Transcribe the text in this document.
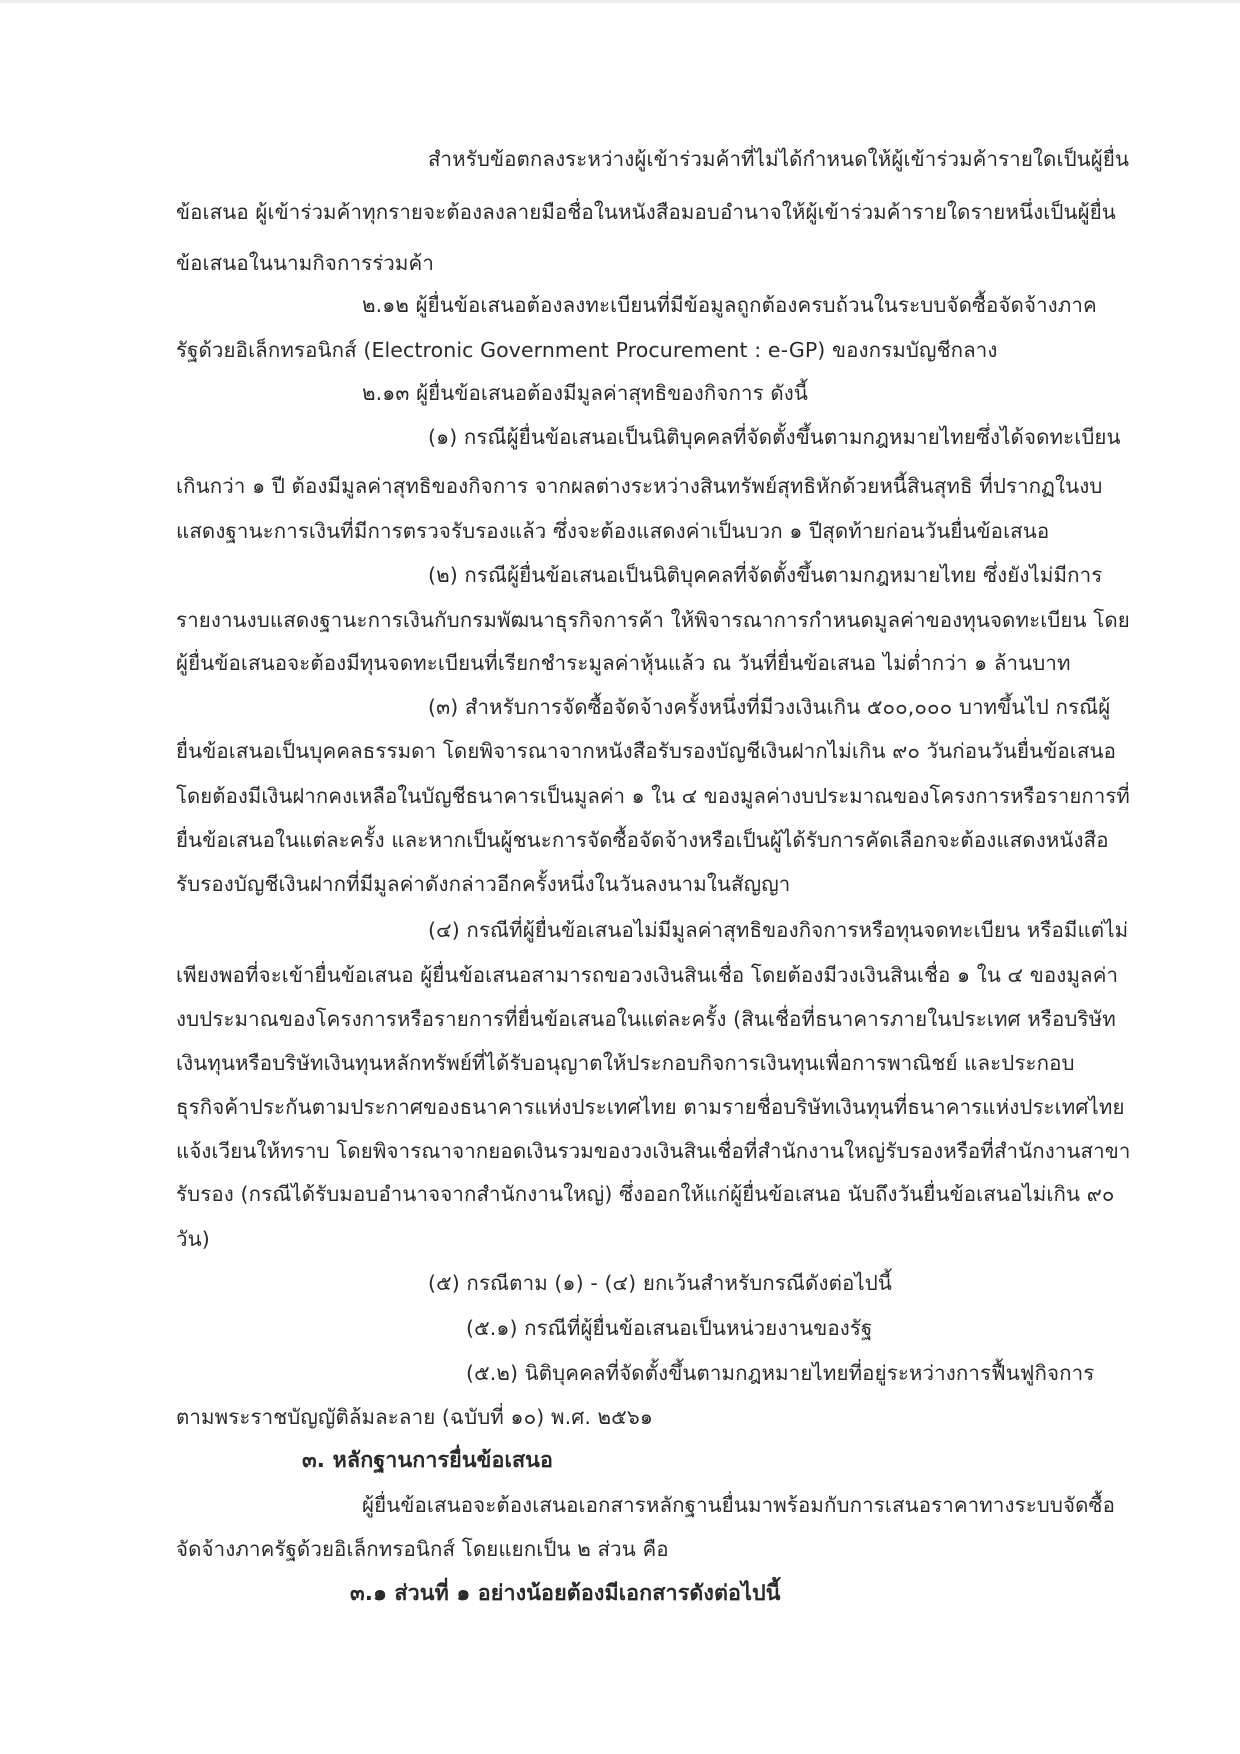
สำหรับข้อตกลงระหว่างผู้เข้าร่วมค้าที่ไม่ได้กำหนดให้ผู้เข้าร่วมค้ารายใดเป็นผู้ยื่น
ข้อเสนอ ผู้เข้าร่วมค้าทุกรายจะต้องลงลายมือชื่อในหนังสือมอบอำนาจให้ผู้เข้าร่วมค้ารายใดรายหนึ่งเป็นผู้ยื่น
ข้อเสนอในนามกิจการร่วมค้า
๒.๑๒ ผู้ยื่นข้อเสนอต้องลงทะเบียนที่มีข้อมูลถูกต้องครบถ้วนในระบบจัดซื้อจัดจ้างภาค
รัฐด้วยอิเล็กทรอนิกส์ (Electronic Government Procurement : e-GP) ของกรมบัญชีกลาง
๒.๑๓ ผู้ยื่นข้อเสนอต้องมีมูลค่าสุทธิของกิจการ ดังนี้
(๑) กรณีผู้ยื่นข้อเสนอเป็นนิติบุคคลที่จัดตั้งขึ้นตามกฎหมายไทยซึ่งได้จดทะเบียน
เกินกว่า ๑ ปี ต้องมีมูลค่าสุทธิของกิจการ จากผลต่างระหว่างสินทรัพย์สุทธิหักด้วยหนี้สินสุทธิ ที่ปรากฏในงบ
แสดงฐานะการเงินที่มีการตรวจรับรองแล้ว ซึ่งจะต้องแสดงค่าเป็นบวก ๑ ปีสุดท้ายก่อนวันยื่นข้อเสนอ
(๒) กรณีผู้ยื่นข้อเสนอเป็นนิติบุคคลที่จัดตั้งขึ้นตามกฎหมายไทย ซึ่งยังไม่มีการ
รายงานงบแสดงฐานะการเงินกับกรมพัฒนาธุรกิจการค้า ให้พิจารณาการกำหนดมูลค่าของทุนจดทะเบียน โดย
ผู้ยื่นข้อเสนอจะต้องมีทุนจดทะเบียนที่เรียกชำระมูลค่าหุ้นแล้ว ณ วันที่ยื่นข้อเสนอ ไม่ต่ำกว่า ๑ ล้านบาท
(๓) สำหรับการจัดซื้อจัดจ้างครั้งหนึ่งที่มีวงเงินเกิน ๕๐๐,๐๐๐ บาทขึ้นไป กรณีผู้
ยื่นข้อเสนอเป็นบุคคลธรรมดา โดยพิจารณาจากหนังสือรับรองบัญชีเงินฝากไม่เกิน ๙๐ วันก่อนวันยื่นข้อเสนอ
โดยต้องมีเงินฝากคงเหลือในบัญชีธนาคารเป็นมูลค่า ๑ ใน ๔ ของมูลค่างบประมาณของโครงการหรือรายการที่
ยื่นข้อเสนอในแต่ละครั้ง และหากเป็นผู้ชนะการจัดซื้อจัดจ้างหรือเป็นผู้ได้รับการคัดเลือกจะต้องแสดงหนังสือ
รับรองบัญชีเงินฝากที่มีมูลค่าดังกล่าวอีกครั้งหนึ่งในวันลงนามในสัญญา
(๔) กรณีที่ผู้ยื่นข้อเสนอไม่มีมูลค่าสุทธิของกิจการหรือทุนจดทะเบียน หรือมีแต่ไม่
เพียงพอที่จะเข้ายื่นข้อเสนอ ผู้ยื่นข้อเสนอสามารถขอวงเงินสินเชื่อ โดยต้องมีวงเงินสินเชื่อ ๑ ใน ๔ ของมูลค่า
งบประมาณของโครงการหรือรายการที่ยื่นข้อเสนอในแต่ละครั้ง (สินเชื่อที่ธนาคารภายในประเทศ หรือบริษัท
เงินทุนหรือบริษัทเงินทุนหลักทรัพย์ที่ได้รับอนุญาตให้ประกอบกิจการเงินทุนเพื่อการพาณิชย์ และประกอบ
ธุรกิจค้าประกันตามประกาศของธนาคารแห่งประเทศไทย ตามรายชื่อบริษัทเงินทุนที่ธนาคารแห่งประเทศไทย
แจ้งเวียนให้ทราบ โดยพิจารณาจากยอดเงินรวมของวงเงินสินเชื่อที่สำนักงานใหญ่รับรองหรือที่สำนักงานสาขา
รับรอง (กรณีได้รับมอบอำนาจจากสำนักงานใหญ่) ซึ่งออกให้แก่ผู้ยื่นข้อเสนอ นับถึงวันยื่นข้อเสนอไม่เกิน ๙๐
วัน)
(๕) กรณีตาม (๑) - (๔) ยกเว้นสำหรับกรณีดังต่อไปนี้
(๕.๑) กรณีที่ผู้ยื่นข้อเสนอเป็นหน่วยงานของรัฐ
(๕.๒) นิติบุคคลที่จัดตั้งขึ้นตามกฎหมายไทยที่อยู่ระหว่างการฟื้นฟูกิจการ
ตามพระราชบัญญัติล้มละลาย (ฉบับที่ ๑๐) พ.ศ. ๒๕๖๑
๓. หลักฐานการยื่นข้อเสนอ
ผู้ยื่นข้อเสนอจะต้องเสนอเอกสารหลักฐานยื่นมาพร้อมกับการเสนอราคาทางระบบจัดซื้อ
จัดจ้างภาครัฐด้วยอิเล็กทรอนิกส์ โดยแยกเป็น ๒ ส่วน คือ
๓.๑ ส่วนที่ ๑ อย่างน้อยต้องมีเอกสารดังต่อไปนี้
